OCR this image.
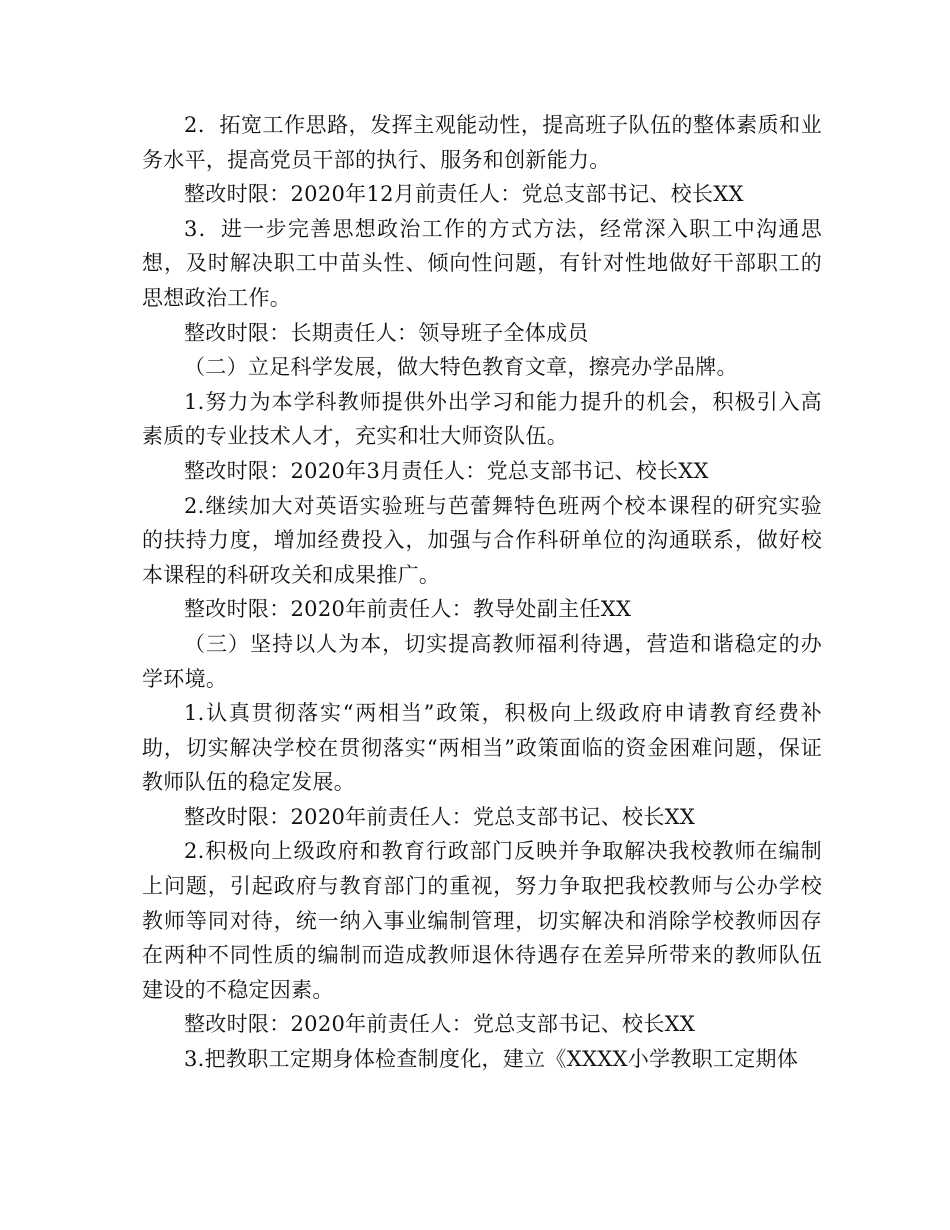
2．拓宽工作思路，发挥主观能动性，提高班子队伍的整体素质和业务水平，提高党员干部的执行、服务和创新能力。

整改时限：2020年12月前责任人：党总支部书记、校长XX

3．进一步完善思想政治工作的方式方法，经常深入职工中沟通思想，及时解决职工中苗头性、倾向性问题，有针对性地做好干部职工的思想政治工作。

整改时限：长期责任人：领导班子全体成员

（二）立足科学发展，做大特色教育文章，擦亮办学品牌。

1.努力为本学科教师提供外出学习和能力提升的机会，积极引入高素质的专业技术人才，充实和壮大师资队伍。

整改时限：2020年3月责任人：党总支部书记、校长XX

2.继续加大对英语实验班与芭蕾舞特色班两个校本课程的研究实验的扶持力度，增加经费投入，加强与合作科研单位的沟通联系，做好校本课程的科研攻关和成果推广。

整改时限：2020年前责任人：教导处副主任XX

（三）坚持以人为本，切实提高教师福利待遇，营造和谐稳定的办学环境。

1.认真贯彻落实“两相当”政策，积极向上级政府申请教育经费补助，切实解决学校在贯彻落实“两相当”政策面临的资金困难问题，保证教师队伍的稳定发展。

整改时限：2020年前责任人：党总支部书记、校长XX

2.积极向上级政府和教育行政部门反映并争取解决我校教师在编制上问题，引起政府与教育部门的重视，努力争取把我校教师与公办学校教师等同对待，统一纳入事业编制管理，切实解决和消除学校教师因存在两种不同性质的编制而造成教师退休待遇存在差异所带来的教师队伍建设的不稳定因素。

整改时限：2020年前责任人：党总支部书记、校长XX

3.把教职工定期身体检查制度化，建立《XXXX小学教职工定期体
